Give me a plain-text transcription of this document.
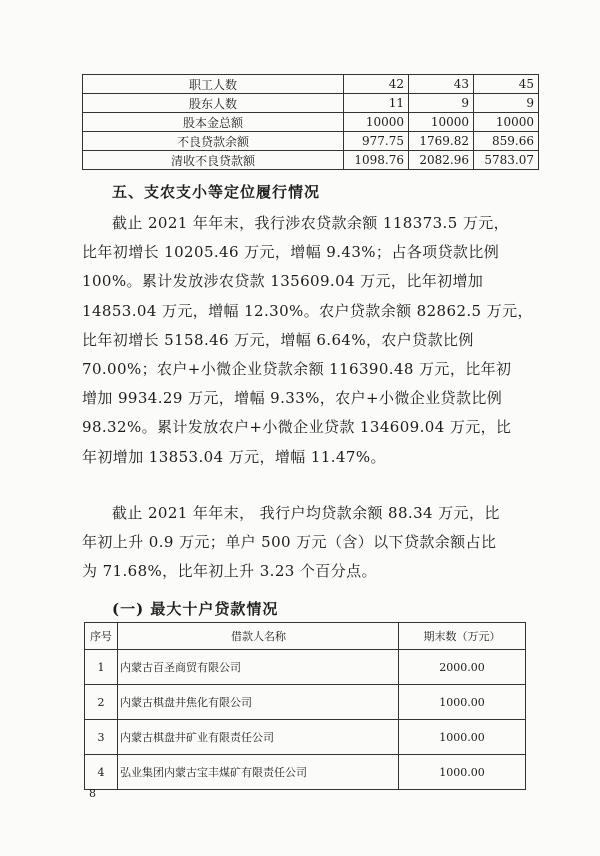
职工人数	42	43	45
股东人数	11	9	9
股本金总额	10000	10000	10000
不良贷款余额	977.75	1769.82	859.66
清收不良贷款额	1098.76	2082.96	5783.07
五、支农支小等定位履行情况

截止 2021 年年末，我行涉农贷款余额 118373.5 万元，
比年初增长 10205.46 万元，增幅 9.43%；占各项贷款比例
100%。累计发放涉农贷款 135609.04 万元，比年初增加
14853.04 万元，增幅 12.30%。农户贷款余额 82862.5 万元，
比年初增长 5158.46 万元，增幅 6.64%，农户贷款比例
70.00%；农户+小微企业贷款余额 116390.48 万元，比年初
增加 9934.29 万元，增幅 9.33%，农户+小微企业贷款比例
98.32%。累计发放农户+小微企业贷款 134609.04 万元，比
年初增加 13853.04 万元，增幅 11.47%。

截止 2021 年年末， 我行户均贷款余额 88.34 万元，比
年初上升 0.9 万元；单户 500 万元（含）以下贷款余额占比
为 71.68%，比年初上升 3.23 个百分点。

(一) 最大十户贷款情况
序号	借款人名称	期末数（万元）
1	内蒙古百圣商贸有限公司	2000.00
2	内蒙古棋盘井焦化有限公司	1000.00
3	内蒙古棋盘井矿业有限责任公司	1000.00
4	弘业集团内蒙古宝丰煤矿有限责任公司	1000.00
8
